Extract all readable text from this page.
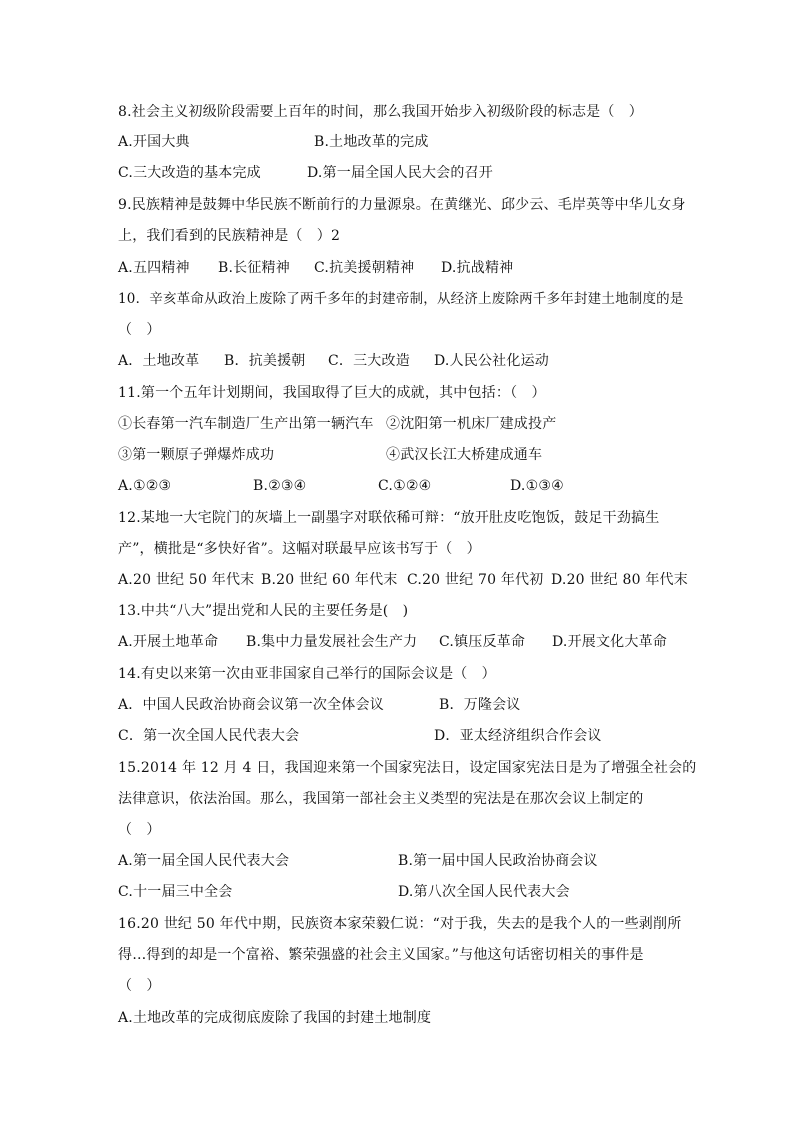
8.社会主义初级阶段需要上百年的时间，那么我国开始步入初级阶段的标志是（　）
A.开国大典	B.土地改革的完成
C.三大改造的基本完成	D.第一届全国人民大会的召开
9.民族精神是鼓舞中华民族不断前行的力量源泉。在黄继光、邱少云、毛岸英等中华儿女身
上，我们看到的民族精神是（　）2
A.五四精神 B.长征精神 C.抗美援朝精神 D.抗战精神
10．辛亥革命从政治上废除了两千多年的封建帝制，从经济上废除两千多年封建土地制度的是
（　）
A．土地改革 B．抗美援朝 C．三大改造 D.人民公社化运动
11.第一个五年计划期间，我国取得了巨大的成就，其中包括：（　）
①长春第一汽车制造厂生产出第一辆汽车 ②沈阳第一机床厂建成投产
③第一颗原子弹爆炸成功	④武汉长江大桥建成通车
A.①②③	B.②③④	C.①②④	D.①③④
12.某地一大宅院门的灰墙上一副墨字对联依稀可辩：“放开肚皮吃饱饭，鼓足干劲搞生
产”，横批是“多快好省”。这幅对联最早应该书写于（　）
A.20 世纪 50 年代末 B.20 世纪 60 年代末 C.20 世纪 70 年代初 D.20 世纪 80 年代末
13.中共“八大”提出党和人民的主要任务是(　)
A.开展土地革命 B.集中力量发展社会生产力 C.镇压反革命 D.开展文化大革命
14.有史以来第一次由亚非国家自己举行的国际会议是（　）
A．中国人民政治协商会议第一次全体会议	B．万隆会议
C．第一次全国人民代表大会	D．亚太经济组织合作会议
15.2014 年 12 月 4 日，我国迎来第一个国家宪法日，设定国家宪法日是为了增强全社会的
法律意识，依法治国。那么，我国第一部社会主义类型的宪法是在那次会议上制定的
（　）
A.第一届全国人民代表大会	B.第一届中国人民政治协商会议
C.十一届三中全会	D.第八次全国人民代表大会
16.20 世纪 50 年代中期，民族资本家荣毅仁说：“对于我，失去的是我个人的一些剥削所
得…得到的却是一个富裕、繁荣强盛的社会主义国家。”与他这句话密切相关的事件是
（　）
A.土地改革的完成彻底废除了我国的封建土地制度
